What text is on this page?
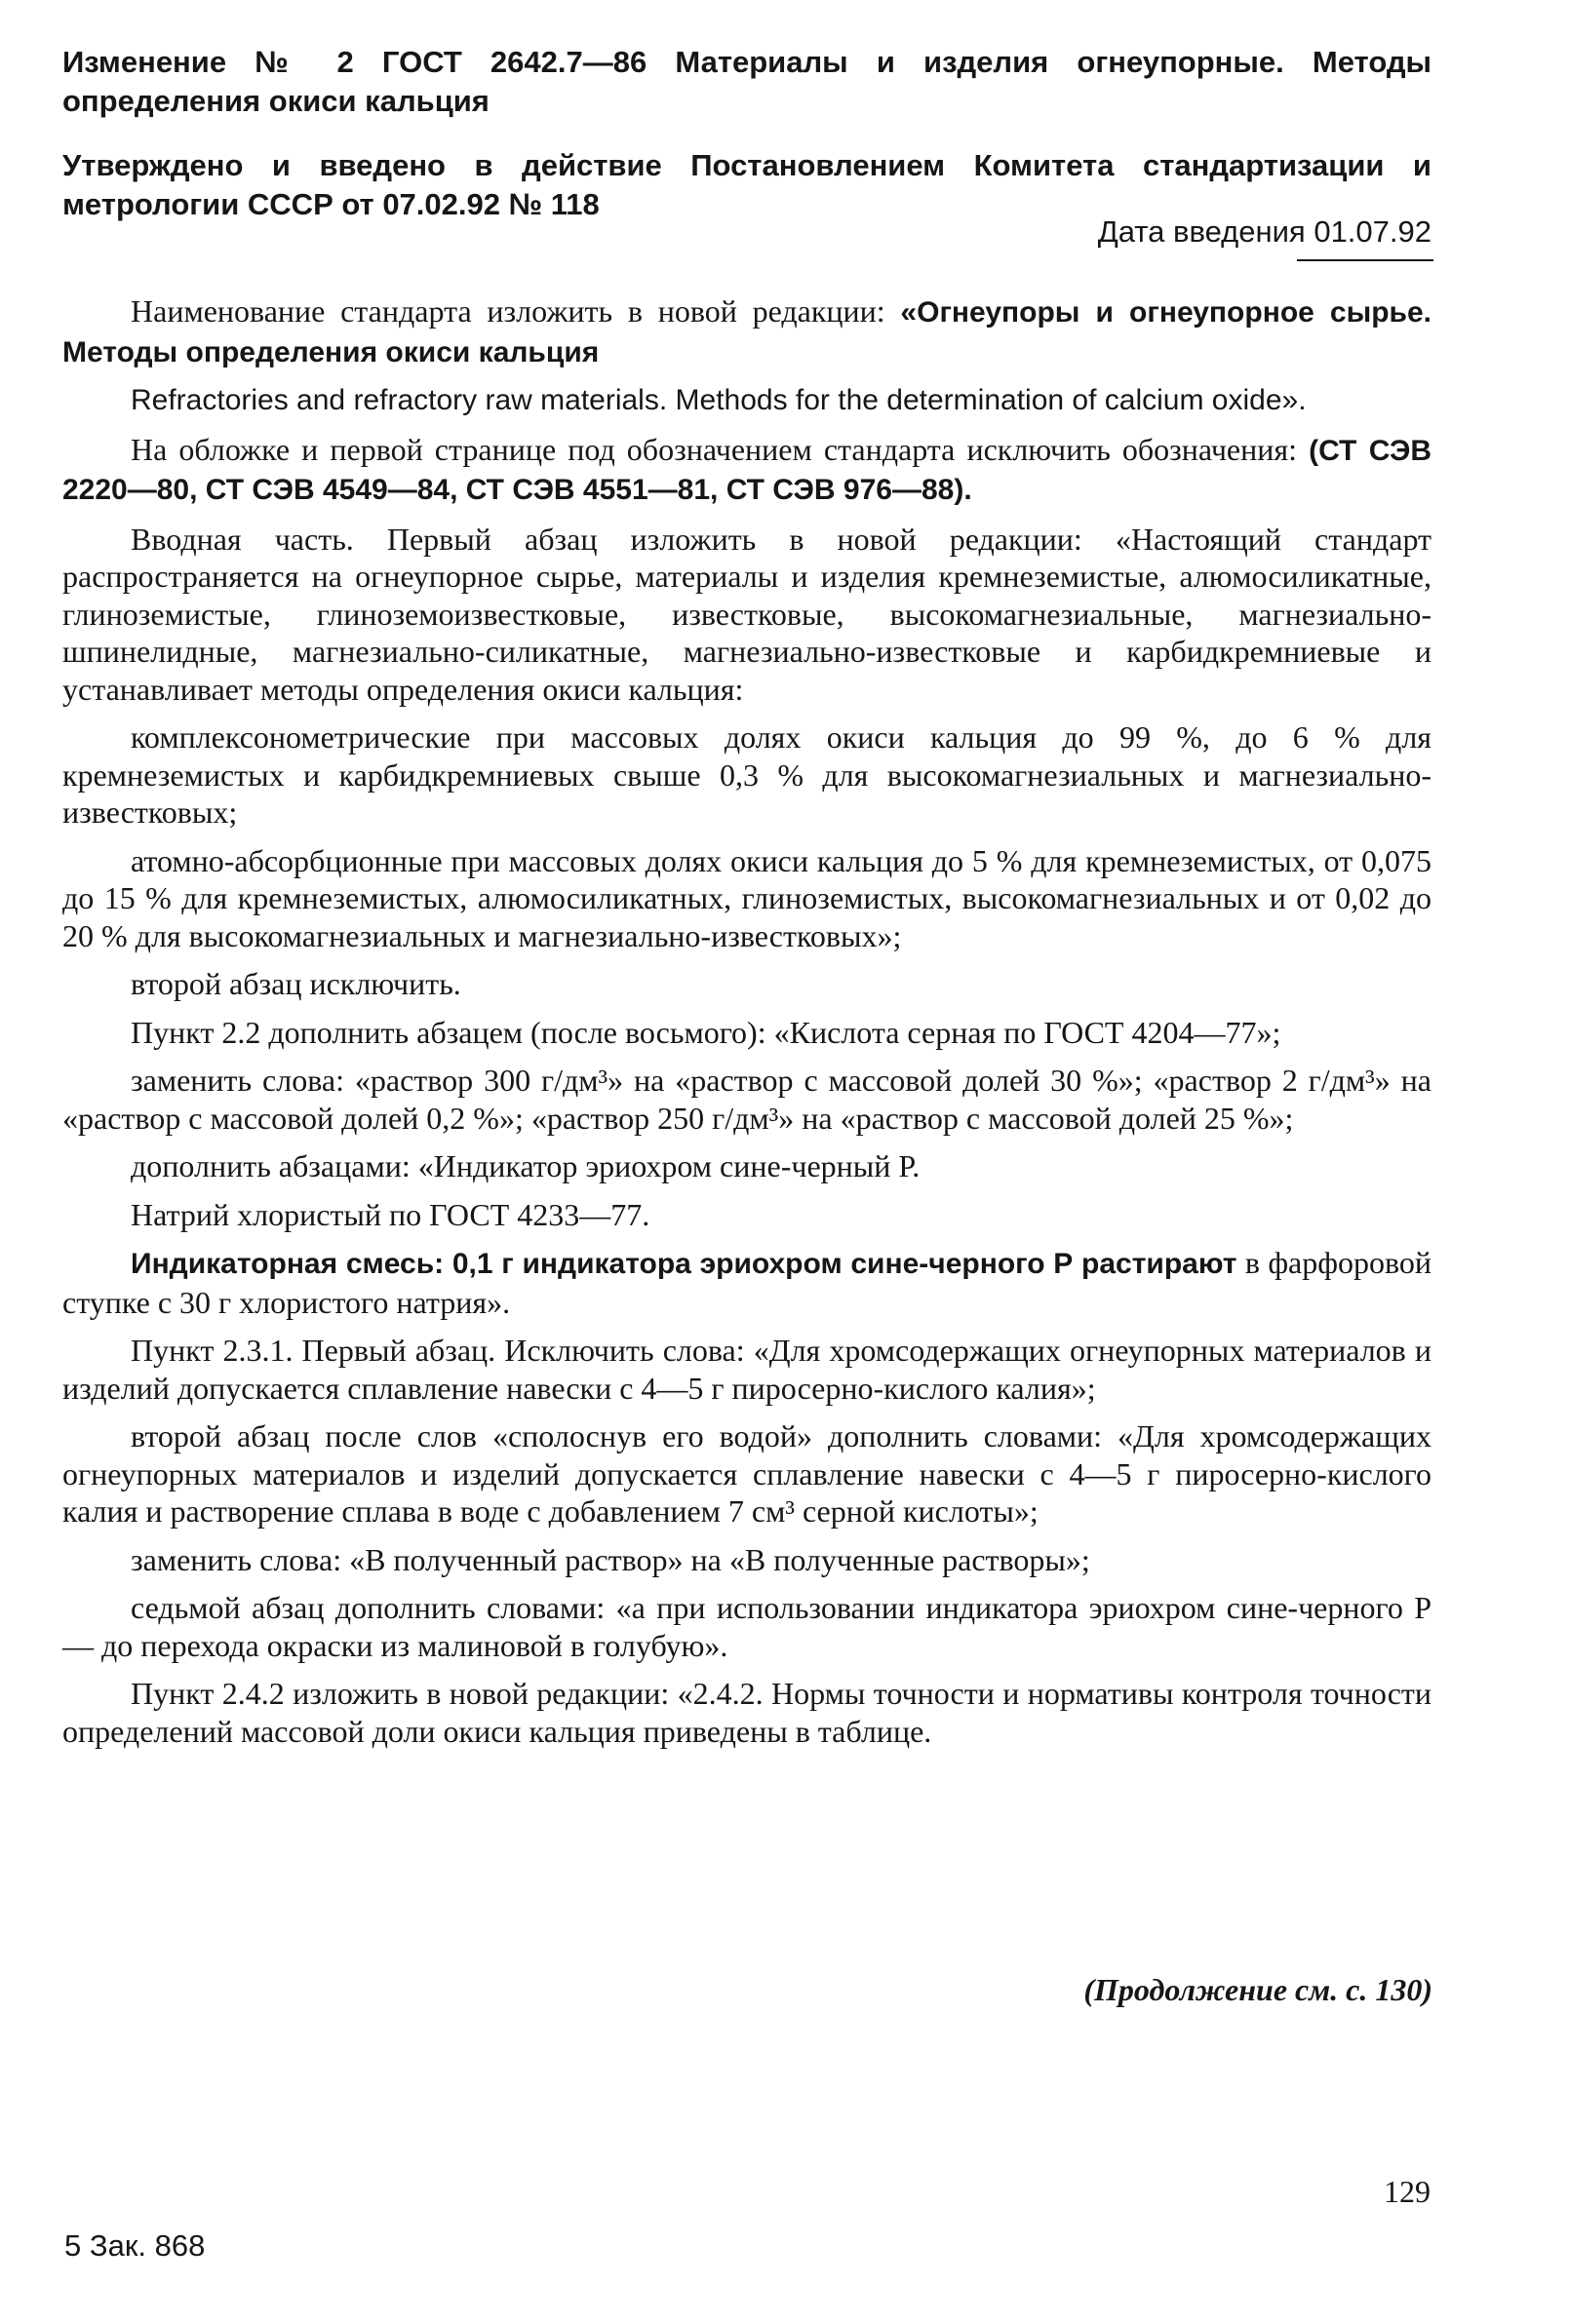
Изменение № 2 ГОСТ 2642.7—86 Материалы и изделия огнеупорные. Методы определения окиси кальция
Утверждено и введено в действие Постановлением Комитета стандартизации и метрологии СССР от 07.02.92 № 118
Дата введения 01.07.92

Наименование стандарта изложить в новой редакции: «Огнеупоры и огнеупорное сырье. Методы определения окиси кальция

Refractories and refractory raw materials. Methods for the determination of calcium oxide».

На обложке и первой странице под обозначением стандарта исключить обозначения: (СТ СЭВ 2220—80, СТ СЭВ 4549—84, СТ СЭВ 4551—81, СТ СЭВ 976—88).

Вводная часть. Первый абзац изложить в новой редакции: «Настоящий стандарт распространяется на огнеупорное сырье, материалы и изделия кремнеземистые, алюмосиликатные, глиноземистые, глиноземоизвестковые, известковые, высокомагнезиальные, магнезиально-шпинелидные, магнезиально-силикатные, магнезиально-известковые и карбидкремниевые и устанавливает методы определения окиси кальция:

комплексонометрические при массовых долях окиси кальция до 99 %, до 6 % для кремнеземистых и карбидкремниевых свыше 0,3 % для высокомагнезиальных и магнезиально-известковых;

атомно-абсорбционные при массовых долях окиси кальция до 5 % для кремнеземистых, от 0,075 до 15 % для кремнеземистых, алюмосиликатных, глиноземистых, высокомагнезиальных и от 0,02 до 20 % для высокомагнезиальных и магнезиально-известковых»;

второй абзац исключить.

Пункт 2.2 дополнить абзацем (после восьмого): «Кислота серная по ГОСТ 4204—77»;

заменить слова: «раствор 300 г/дм³» на «раствор с массовой долей 30 %»; «раствор 2 г/дм³» на «раствор с массовой долей 0,2 %»; «раствор 250 г/дм³» на «раствор с массовой долей 25 %»;

дополнить абзацами: «Индикатор эриохром сине-черный Р.

Натрий хлористый по ГОСТ 4233—77.

Индикаторная смесь: 0,1 г индикатора эриохром сине-черного Р растирают в фарфоровой ступке с 30 г хлористого натрия».

Пункт 2.3.1. Первый абзац. Исключить слова: «Для хромсодержащих огнеупорных материалов и изделий допускается сплавление навески с 4—5 г пиросерно-кислого калия»;

второй абзац после слов «сполоснув его водой» дополнить словами: «Для хромсодержащих огнеупорных материалов и изделий допускается сплавление навески с 4—5 г пиросерно-кислого калия и растворение сплава в воде с добавлением 7 см³ серной кислоты»;

заменить слова: «В полученный раствор» на «В полученные растворы»;

седьмой абзац дополнить словами: «а при использовании индикатора эриохром сине-черного Р — до перехода окраски из малиновой в голубую».

Пункт 2.4.2 изложить в новой редакции: «2.4.2. Нормы точности и нормативы контроля точности определений массовой доли окиси кальция приведены в таблице.

(Продолжение см. с. 130)
129
5 Зак. 868
